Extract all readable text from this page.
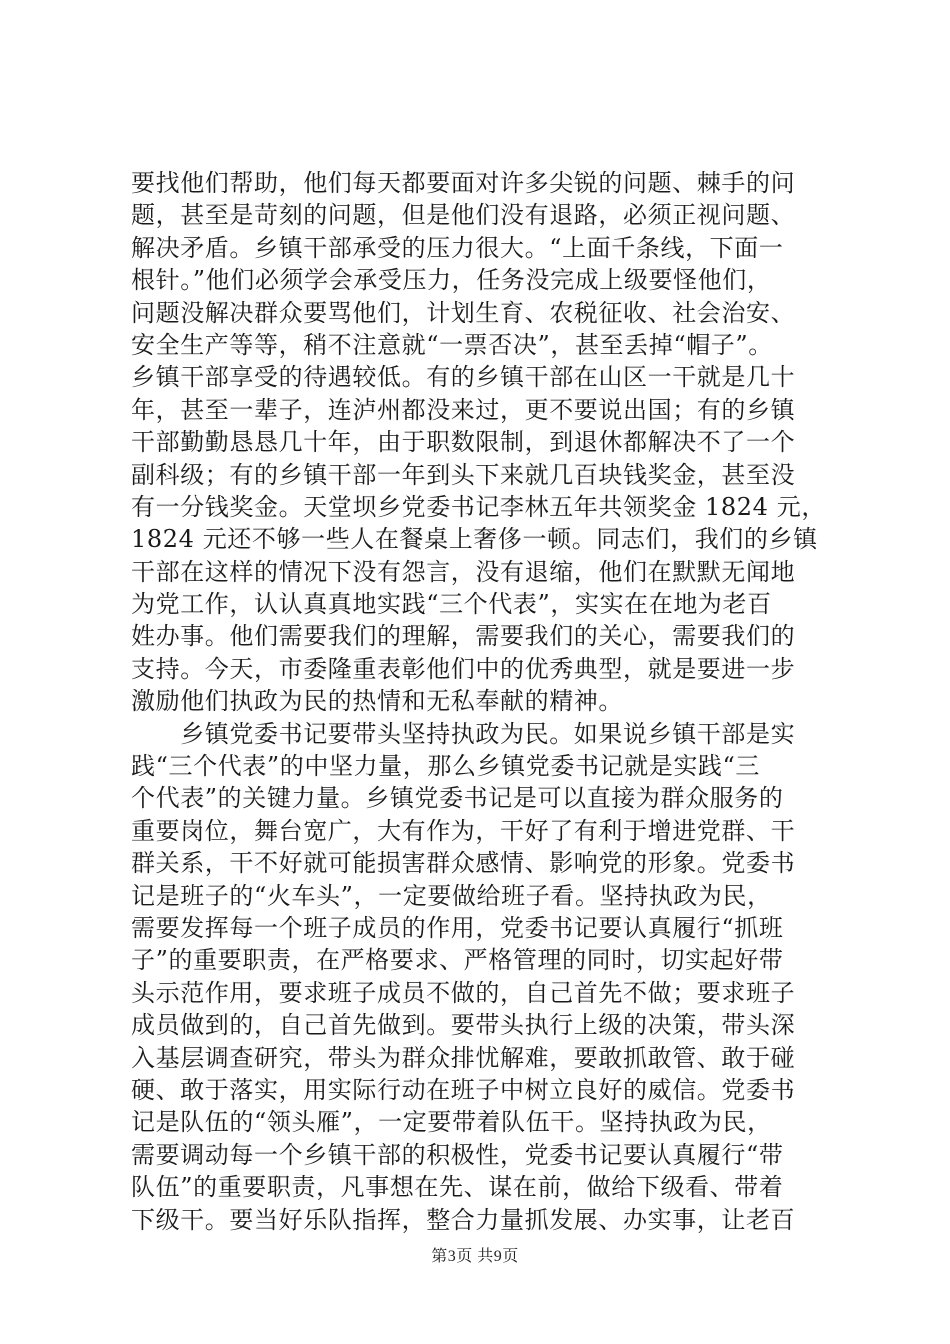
要找他们帮助，他们每天都要面对许多尖锐的问题、棘手的问
题，甚至是苛刻的问题，但是他们没有退路，必须正视问题、
解决矛盾。乡镇干部承受的压力很大。“上面千条线，下面一
根针。”他们必须学会承受压力，任务没完成上级要怪他们，
问题没解决群众要骂他们，计划生育、农税征收、社会治安、
安全生产等等，稍不注意就“一票否决”，甚至丢掉“帽子”。
乡镇干部享受的待遇较低。有的乡镇干部在山区一干就是几十
年，甚至一辈子，连泸州都没来过，更不要说出国；有的乡镇
干部勤勤恳恳几十年，由于职数限制，到退休都解决不了一个
副科级；有的乡镇干部一年到头下来就几百块钱奖金，甚至没
有一分钱奖金。天堂坝乡党委书记李林五年共领奖金 1824 元，
1824 元还不够一些人在餐桌上奢侈一顿。同志们，我们的乡镇
干部在这样的情况下没有怨言，没有退缩，他们在默默无闻地
为党工作，认认真真地实践“三个代表”，实实在在地为老百
姓办事。他们需要我们的理解，需要我们的关心，需要我们的
支持。今天，市委隆重表彰他们中的优秀典型，就是要进一步
激励他们执政为民的热情和无私奉献的精神。
　　乡镇党委书记要带头坚持执政为民。如果说乡镇干部是实
践“三个代表”的中坚力量，那么乡镇党委书记就是实践“三
个代表”的关键力量。乡镇党委书记是可以直接为群众服务的
重要岗位，舞台宽广，大有作为，干好了有利于增进党群、干
群关系，干不好就可能损害群众感情、影响党的形象。党委书
记是班子的“火车头”，一定要做给班子看。坚持执政为民，
需要发挥每一个班子成员的作用，党委书记要认真履行“抓班
子”的重要职责，在严格要求、严格管理的同时，切实起好带
头示范作用，要求班子成员不做的，自己首先不做；要求班子
成员做到的，自己首先做到。要带头执行上级的决策，带头深
入基层调查研究，带头为群众排忧解难，要敢抓敢管、敢于碰
硬、敢于落实，用实际行动在班子中树立良好的威信。党委书
记是队伍的“领头雁”，一定要带着队伍干。坚持执政为民，
需要调动每一个乡镇干部的积极性，党委书记要认真履行“带
队伍”的重要职责，凡事想在先、谋在前，做给下级看、带着
下级干。要当好乐队指挥，整合力量抓发展、办实事，让老百
第3页 共9页
